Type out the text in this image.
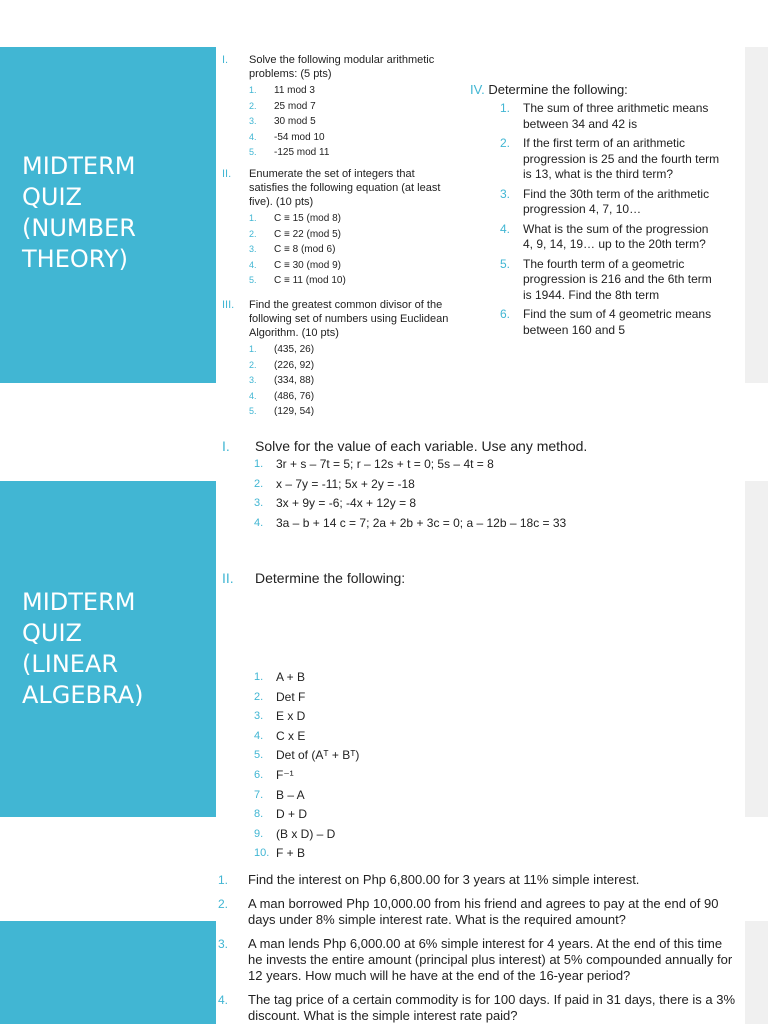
MIDTERM
QUIZ
(NUMBER
THEORY)
I.	Solve the following modular arithmetic problems: (5 pts)
1.	11 mod 3
2.	25 mod 7
3.	30 mod 5
4.	-54 mod 10
5.	-125 mod 11
II.	Enumerate the set of integers that satisfies the following equation (at least five). (10 pts)
1.	C ≡ 15 (mod 8)
2.	C ≡ 22 (mod 5)
3.	C ≡ 8 (mod 6)
4.	C ≡ 30 (mod 9)
5.	C ≡ 11 (mod 10)
III.	Find the greatest common divisor of the following set of numbers using Euclidean Algorithm. (10 pts)
1.	(435, 26)
2.	(226, 92)
3.	(334, 88)
4.	(486, 76)
5.	(129, 54)
IV. Determine the following:
1.	The sum of three arithmetic means between 34 and 42 is
2.	If the first term of an arithmetic progression is 25 and the fourth term is 13, what is the third term?
3.	Find the 30th term of the arithmetic progression 4, 7, 10…
4.	What is the sum of the progression 4, 9, 14, 19… up to the 20th term?
5.	The fourth term of a geometric progression is 216 and the 6th term is 1944. Find the 8th term
6.	Find the sum of 4 geometric means between 160 and 5
MIDTERM
QUIZ
(LINEAR
ALGEBRA)
I.	Solve for the value of each variable. Use any method.
1.	3r + s – 7t = 5; r – 12s + t = 0; 5s – 4t = 8
2.	x – 7y = -11; 5x + 2y = -18
3.	3x + 9y = -6; -4x + 12y = 8
4.	3a – b + 14 c = 7; 2a + 2b + 3c = 0; a – 12b – 18c = 33
II.	Determine the following:
1.	A + B
2.	Det F
3.	E x D
4.	C x E
5.	Det of (Aᵀ + Bᵀ)
6.	F⁻¹
7.	B – A
8.	D + D
9.	(B x D) – D
10. F + B
1.	Find the interest on Php 6,800.00 for 3 years at 11% simple interest.
2.	A man borrowed Php 10,000.00 from his friend and agrees to pay at the end of 90 days under 8% simple interest rate. What is the required amount?
3.	A man lends Php 6,000.00 at 6% simple interest for 4 years. At the end of this time he invests the entire amount (principal plus interest) at 5% compounded annually for 12 years. How much will he have at the end of the 16-year period?
4.	The tag price of a certain commodity is for 100 days. If paid in 31 days, there is a 3% discount. What is the simple interest rate paid?
